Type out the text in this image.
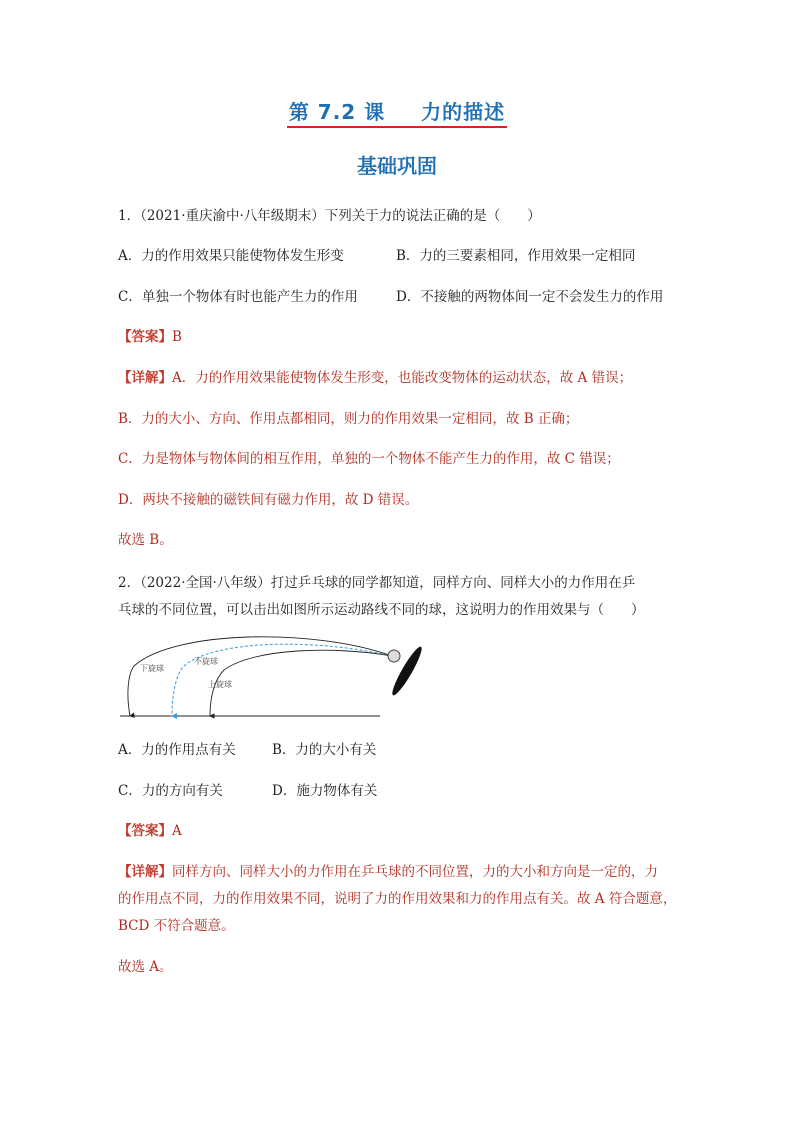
第 7.2 课 力的描述
基础巩固
1．（2021·重庆渝中·八年级期末）下列关于力的说法正确的是（　　）
A．力的作用效果只能使物体发生形变	B．力的三要素相同，作用效果一定相同
C．单独一个物体有时也能产生力的作用	D．不接触的两物体间一定不会发生力的作用
【答案】B
【详解】A．力的作用效果能使物体发生形变，也能改变物体的运动状态，故 A 错误；
B．力的大小、方向、作用点都相同，则力的作用效果一定相同，故 B 正确；
C．力是物体与物体间的相互作用，单独的一个物体不能产生力的作用，故 C 错误；
D．两块不接触的磁铁间有磁力作用，故 D 错误。
故选 B。
2．（2022·全国·八年级）打过乒乓球的同学都知道，同样方向、同样大小的力作用在乒
乓球的不同位置，可以击出如图所示运动路线不同的球，这说明力的作用效果与（　　）
下旋球
不旋球
上旋球
A．力的作用点有关	B．力的大小有关
C．力的方向有关	D．施力物体有关
【答案】A
【详解】同样方向、同样大小的力作用在乒乓球的不同位置，力的大小和方向是一定的，力
的作用点不同，力的作用效果不同，说明了力的作用效果和力的作用点有关。故 A 符合题意，
BCD 不符合题意。
故选 A。
